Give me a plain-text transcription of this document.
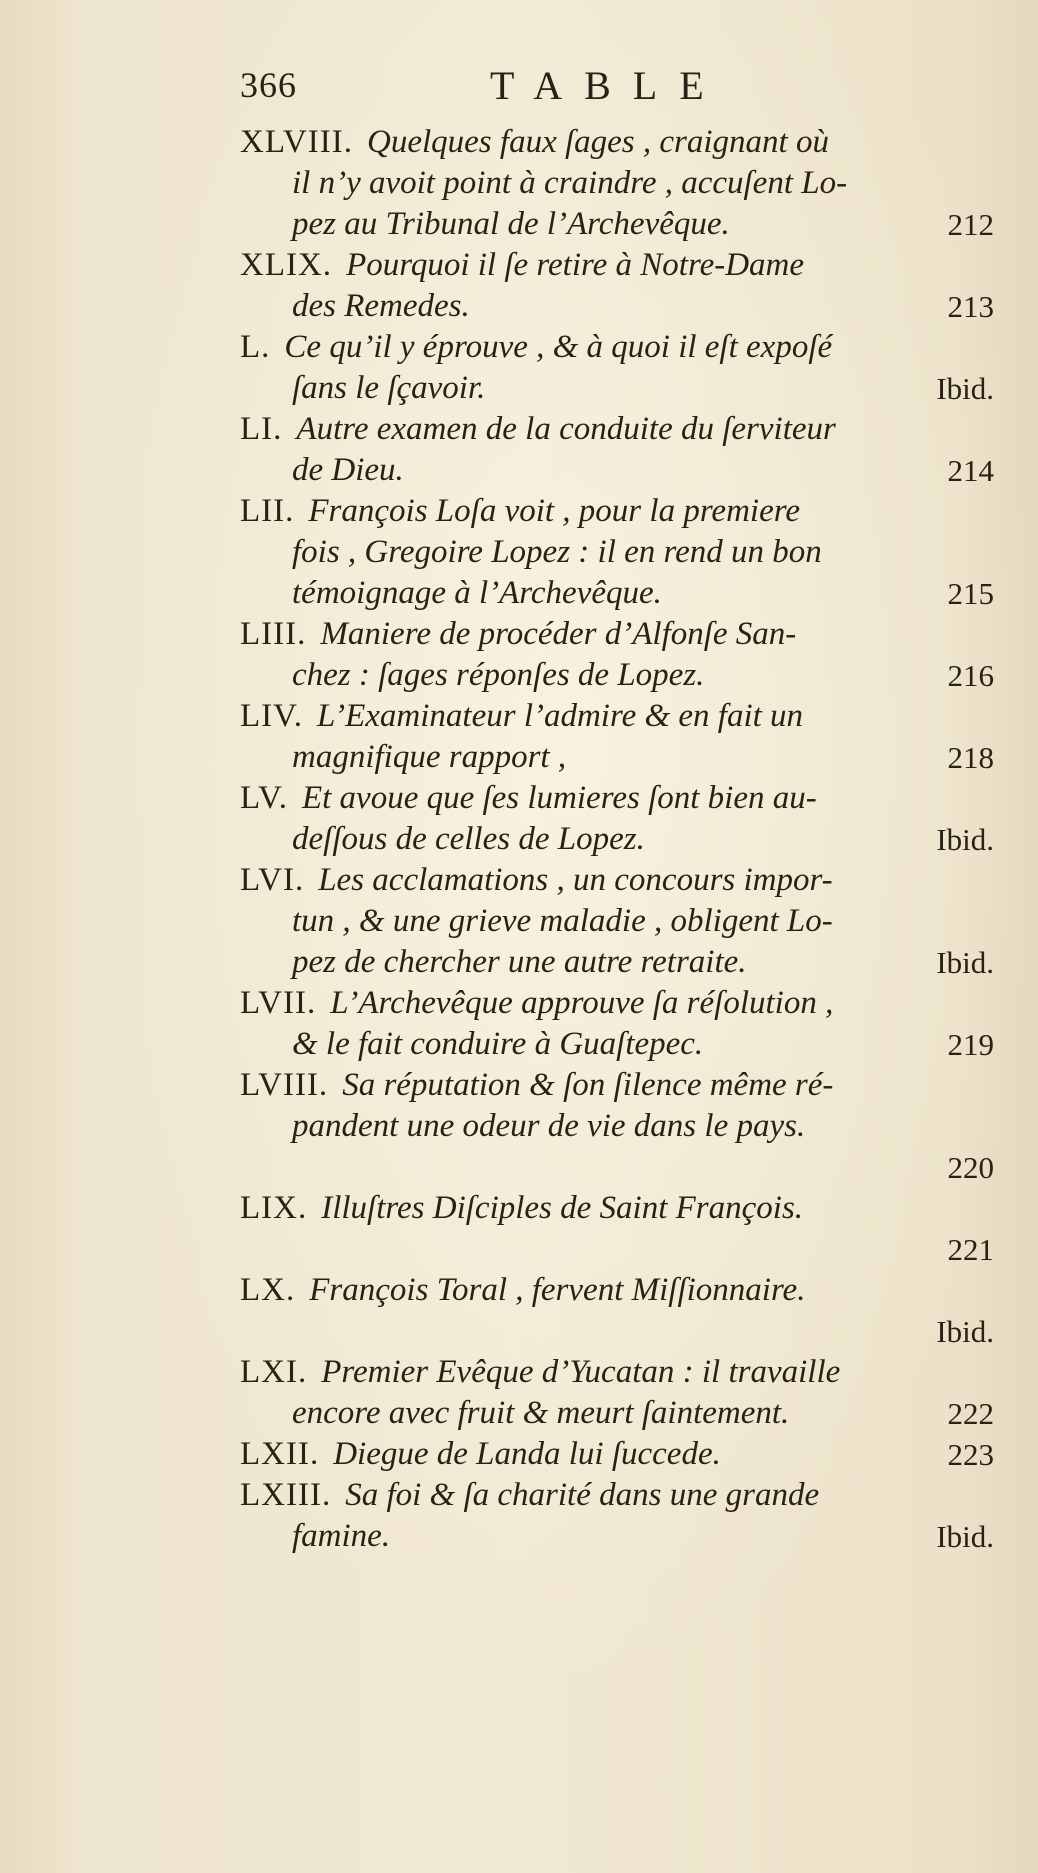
366	TABLE
XLVIII. Quelques faux ſages , craignant où
il n’y avoit point à craindre , accuſent Lo-
pez au Tribunal de l’Archevêque.	212
XLIX. Pourquoi il ſe retire à Notre-Dame
des Remedes.	213
L. Ce qu’il y éprouve , & à quoi il eſt expoſé
ſans le ſçavoir.	Ibid.
LI. Autre examen de la conduite du ſerviteur
de Dieu.	214
LII. François Loſa voit , pour la premiere
fois , Gregoire Lopez : il en rend un bon
témoignage à l’Archevêque.	215
LIII. Maniere de procéder d’Alfonſe San-
chez : ſages réponſes de Lopez.	216
LIV. L’Examinateur l’admire & en fait un
magnifique rapport ,	218
LV. Et avoue que ſes lumieres ſont bien au-
deſſous de celles de Lopez.	Ibid.
LVI. Les acclamations , un concours impor-
tun , & une grieve maladie , obligent Lo-
pez de chercher une autre retraite.	Ibid.
LVII. L’Archevêque approuve ſa réſolution ,
& le fait conduire à Guaſtepec.	219
LVIII. Sa réputation & ſon ſilence même ré-
pandent une odeur de vie dans le pays.
220
LIX. Illuſtres Diſciples de Saint François.
221
LX. François Toral , fervent Miſſionnaire.
Ibid.
LXI. Premier Evêque d’Yucatan : il travaille
encore avec fruit & meurt ſaintement.	222
LXII. Diegue de Landa lui ſuccede.	223
LXIII. Sa foi & ſa charité dans une grande
famine.	Ibid.
